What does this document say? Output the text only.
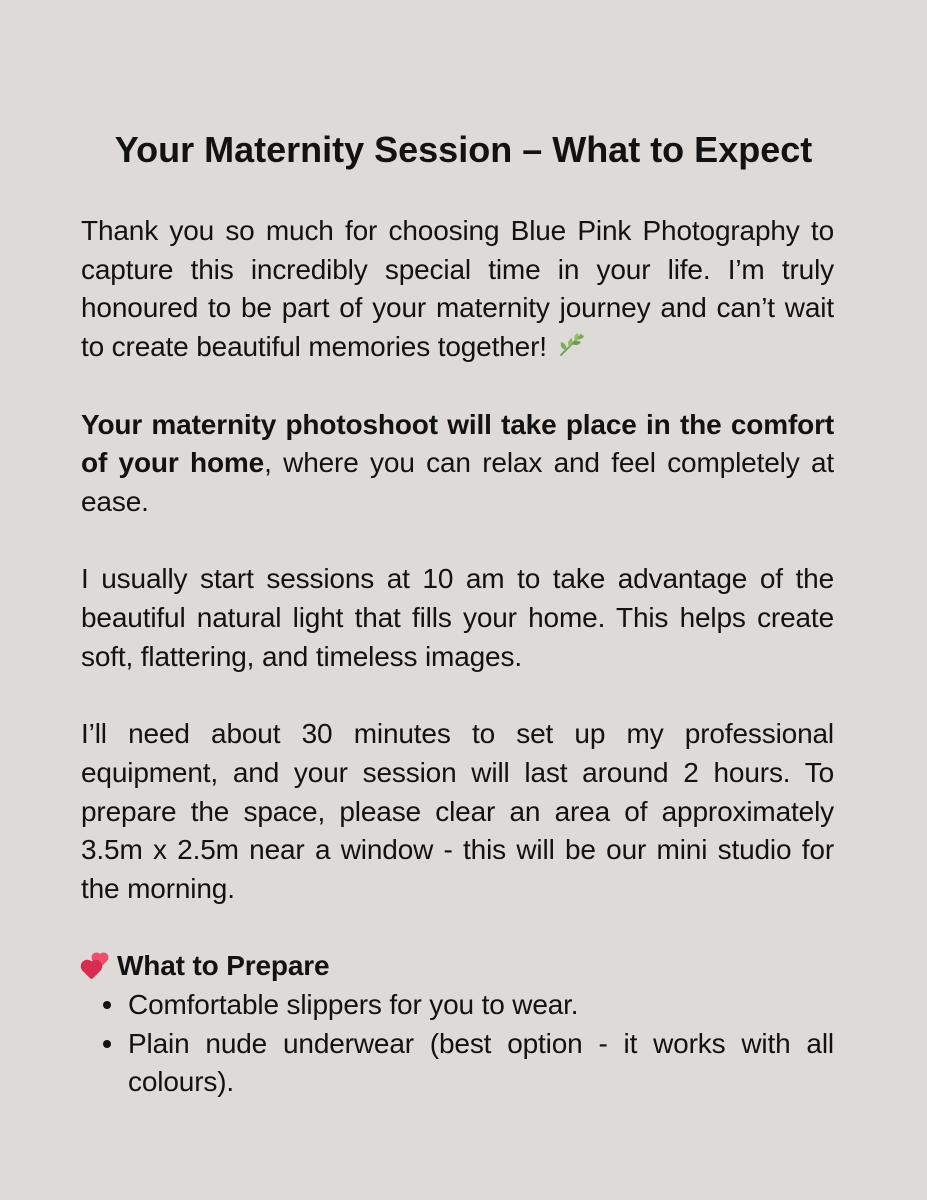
Your Maternity Session – What to Expect

Thank you so much for choosing Blue Pink Photography to capture this incredibly special time in your life. I’m truly honoured to be part of your maternity journey and can’t wait to create beautiful memories together!

Your maternity photoshoot will take place in the comfort of your home, where you can relax and feel completely at ease.

I usually start sessions at 10 am to take advantage of the beautiful natural light that fills your home. This helps create soft, flattering, and timeless images.

I’ll need about 30 minutes to set up my professional equipment, and your session will last around 2 hours. To prepare the space, please clear an area of approximately 3.5m x 2.5m near a window - this will be our mini studio for the morning.

What to Prepare
Comfortable slippers for you to wear.
Plain nude underwear (best option - it works with all colours).
